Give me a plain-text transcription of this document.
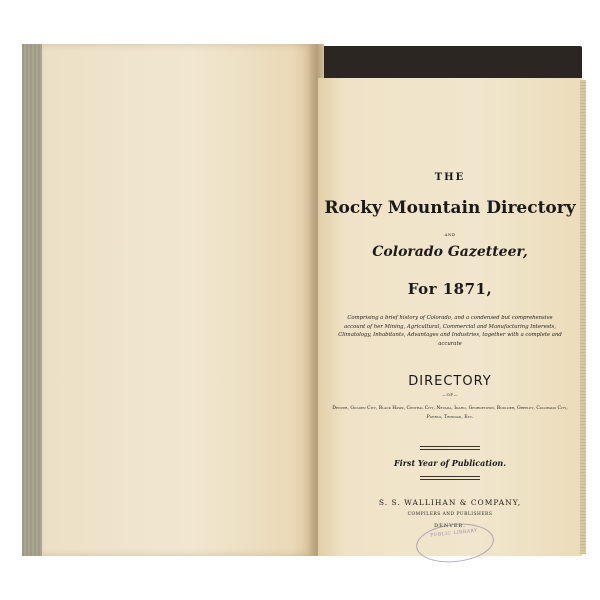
THE
Rocky Mountain Directory
AND
Colorado Gazetteer,
For 1871,
Comprising a brief history of Colorado, and a condensed but comprehensive account of her Mining, Agricultural, Commercial and Manufacturing Interests, Climatology, Inhabitants, Advantages and Industries, together with a complete and accurate
DIRECTORY
—OF—
Denver, Golden City, Black Hawk, Central City, Nevada, Idaho, Georgetown, Boulder, Greeley, Colorado City, Pueblo, Trinidad, Etc.
First Year of Publication.
S. S. WALLIHAN & COMPANY,
COMPILERS AND PUBLISHERS
DENVER.
PUBLIC LIBRARY
